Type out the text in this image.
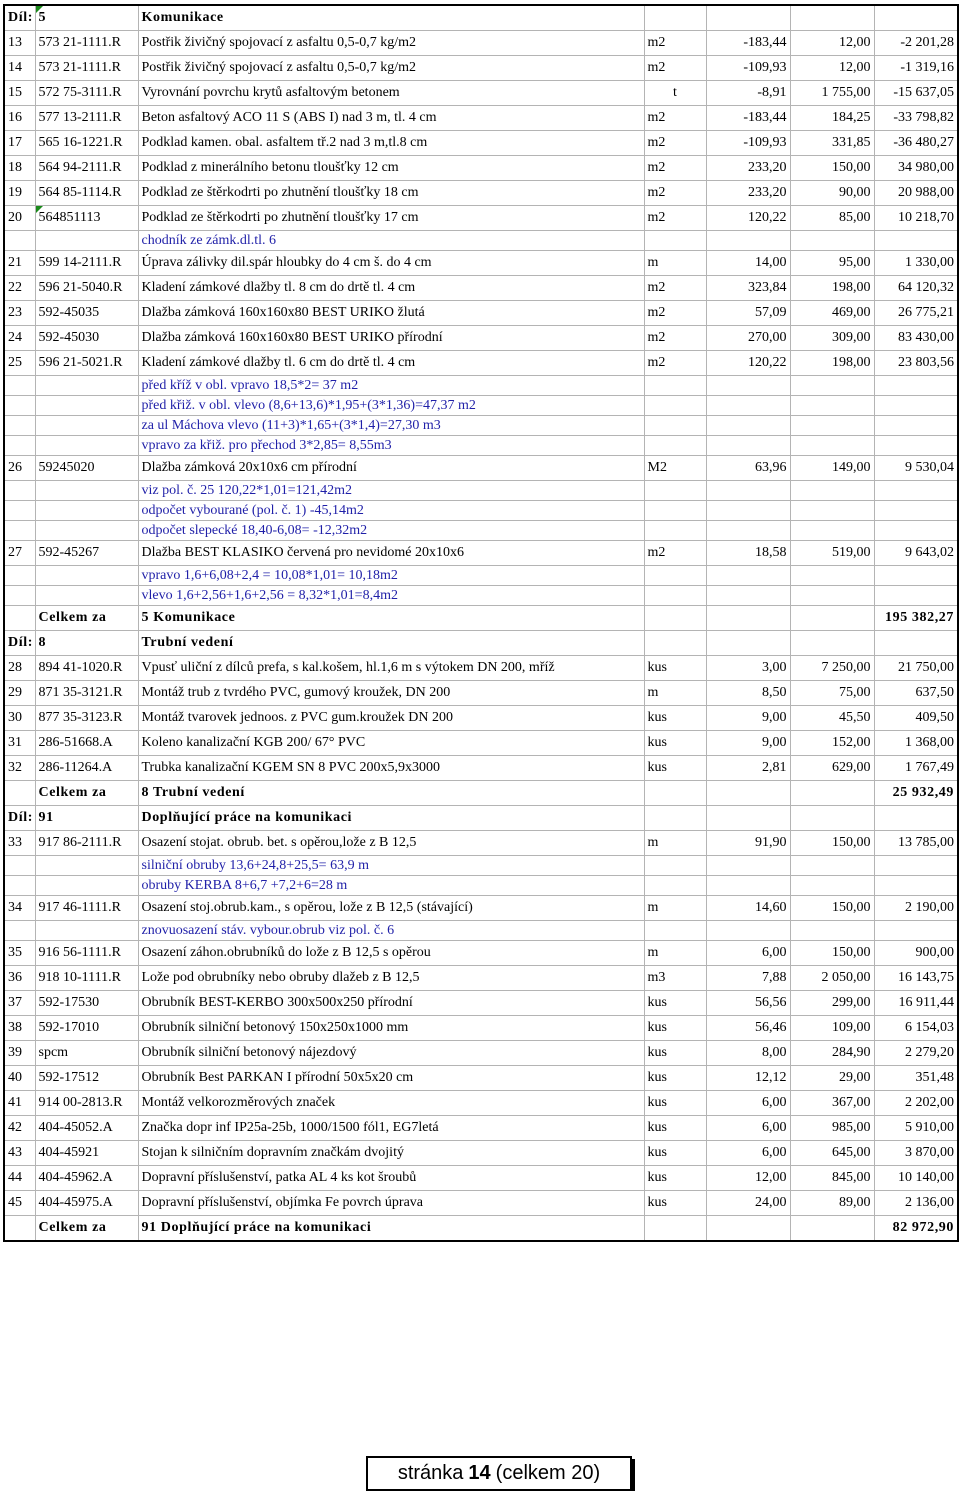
Díl:	5	Komunikace				
13	573 21-1111.R	Postřik živičný spojovací z asfaltu 0,5-0,7 kg/m2	m2	-183,44	12,00	-2 201,28
14	573 21-1111.R	Postřik živičný spojovací z asfaltu 0,5-0,7 kg/m2	m2	-109,93	12,00	-1 319,16
15	572 75-3111.R	Vyrovnání povrchu krytů asfaltovým betonem	t	-8,91	1 755,00	-15 637,05
16	577 13-2111.R	Beton asfaltový ACO 11 S (ABS I) nad 3 m, tl. 4 cm	m2	-183,44	184,25	-33 798,82
17	565 16-1221.R	Podklad kamen. obal. asfaltem tř.2 nad 3 m,tl.8 cm	m2	-109,93	331,85	-36 480,27
18	564 94-2111.R	Podklad z minerálního betonu tloušťky 12 cm	m2	233,20	150,00	34 980,00
19	564 85-1114.R	Podklad ze štěrkodrti po zhutnění tloušťky 18 cm	m2	233,20	90,00	20 988,00
20	564851113	Podklad ze štěrkodrti po zhutnění tloušťky 17 cm	m2	120,22	85,00	10 218,70
		chodník ze zámk.dl.tl. 6				
21	599 14-2111.R	Úprava zálivky dil.spár hloubky do 4 cm š. do 4 cm	m	14,00	95,00	1 330,00
22	596 21-5040.R	Kladení zámkové dlažby tl. 8 cm do drtě tl. 4 cm	m2	323,84	198,00	64 120,32
23	592-45035	Dlažba zámková 160x160x80 BEST URIKO žlutá	m2	57,09	469,00	26 775,21
24	592-45030	Dlažba zámková 160x160x80 BEST URIKO přírodní	m2	270,00	309,00	83 430,00
25	596 21-5021.R	Kladení zámkové dlažby tl. 6 cm do drtě tl. 4 cm	m2	120,22	198,00	23 803,56
		před kříž v obl. vpravo 18,5*2= 37 m2				
		před křiž. v obl. vlevo (8,6+13,6)*1,95+(3*1,36)=47,37 m2				
		za ul Máchova vlevo (11+3)*1,65+(3*1,4)=27,30 m3				
		vpravo za křiž. pro přechod 3*2,85= 8,55m3				
26	59245020	Dlažba zámková 20x10x6 cm přírodní	M2	63,96	149,00	9 530,04
		viz pol. č. 25 120,22*1,01=121,42m2				
		odpočet vybourané (pol. č. 1) -45,14m2				
		odpočet slepecké 18,40-6,08= -12,32m2				
27	592-45267	Dlažba BEST KLASIKO červená pro nevidomé 20x10x6	m2	18,58	519,00	9 643,02
		vpravo 1,6+6,08+2,4 = 10,08*1,01= 10,18m2				
		vlevo 1,6+2,56+1,6+2,56 = 8,32*1,01=8,4m2				
	Celkem za	5 Komunikace				195 382,27
Díl:	8	Trubní vedení				
28	894 41-1020.R	Vpusť uliční z dílců prefa, s kal.košem, hl.1,6 m s výtokem DN 200, mříž	kus	3,00	7 250,00	21 750,00
29	871 35-3121.R	Montáž trub z tvrdého PVC, gumový kroužek, DN 200	m	8,50	75,00	637,50
30	877 35-3123.R	Montáž tvarovek jednoos. z PVC gum.kroužek DN 200	kus	9,00	45,50	409,50
31	286-51668.A	Koleno kanalizační KGB 200/ 67° PVC	kus	9,00	152,00	1 368,00
32	286-11264.A	Trubka kanalizační KGEM SN 8 PVC 200x5,9x3000	kus	2,81	629,00	1 767,49
	Celkem za	8 Trubní vedení				25 932,49
Díl:	91	Doplňující práce na komunikaci				
33	917 86-2111.R	Osazení stojat. obrub. bet. s opěrou,lože z B 12,5	m	91,90	150,00	13 785,00
		silniční obruby 13,6+24,8+25,5= 63,9 m				
		obruby KERBA 8+6,7 +7,2+6=28 m				
34	917 46-1111.R	Osazení stoj.obrub.kam., s opěrou, lože z B 12,5 (stávající)	m	14,60	150,00	2 190,00
		znovuosazení stáv. vybour.obrub viz pol. č. 6				
35	916 56-1111.R	Osazení záhon.obrubníků do lože z B 12,5 s opěrou	m	6,00	150,00	900,00
36	918 10-1111.R	Lože pod obrubníky nebo obruby dlažeb z B 12,5	m3	7,88	2 050,00	16 143,75
37	592-17530	Obrubník BEST-KERBO 300x500x250 přírodní	kus	56,56	299,00	16 911,44
38	592-17010	Obrubník silniční betonový 150x250x1000 mm	kus	56,46	109,00	6 154,03
39	spcm	Obrubník silniční betonový nájezdový	kus	8,00	284,90	2 279,20
40	592-17512	Obrubník Best PARKAN I přírodní 50x5x20 cm	kus	12,12	29,00	351,48
41	914 00-2813.R	Montáž velkorozměrových značek	kus	6,00	367,00	2 202,00
42	404-45052.A	Značka dopr inf IP25a-25b, 1000/1500 fól1, EG7letá	kus	6,00	985,00	5 910,00
43	404-45921	Stojan k silničním dopravním značkám dvojitý	kus	6,00	645,00	3 870,00
44	404-45962.A	Dopravní příslušenství, patka AL 4 ks kot šroubů	kus	12,00	845,00	10 140,00
45	404-45975.A	Dopravní příslušenství, objímka Fe povrch úprava	kus	24,00	89,00	2 136,00
	Celkem za	91 Doplňující práce na komunikaci				82 972,90
stránka 14 (celkem 20)
